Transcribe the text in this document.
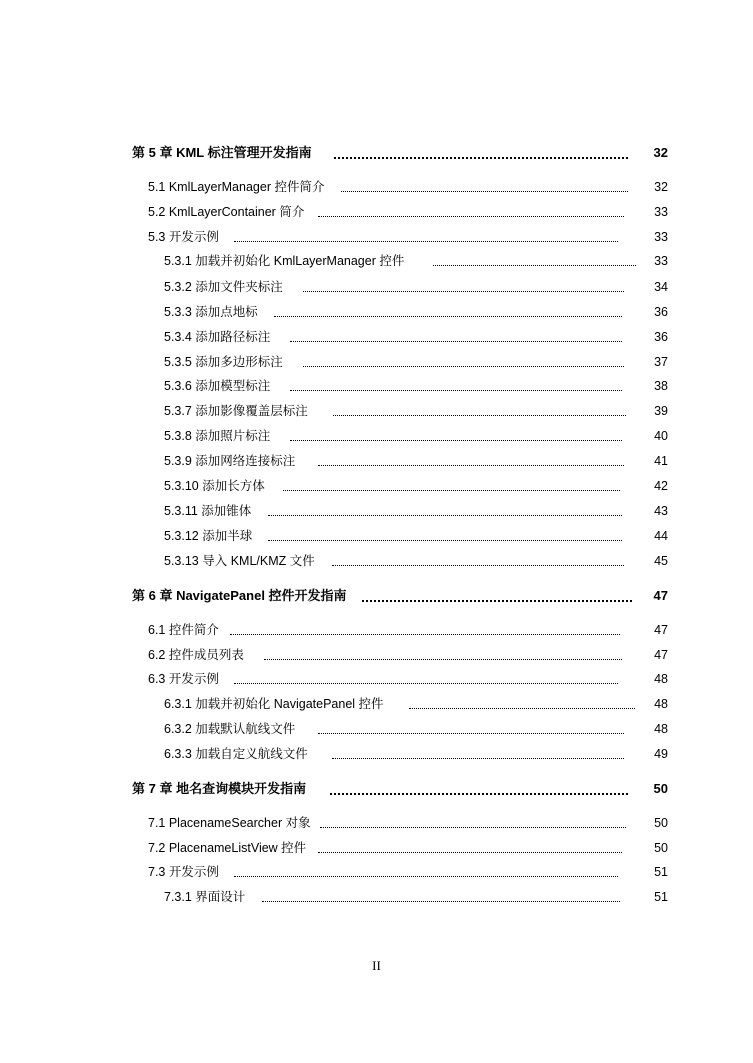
第 5 章 KML 标注管理开发指南	32
5.1 KmlLayerManager 控件简介	32
5.2 KmlLayerContainer 简介	33
5.3 开发示例	33
5.3.1 加载并初始化 KmlLayerManager 控件	33
5.3.2 添加文件夹标注	34
5.3.3 添加点地标	36
5.3.4 添加路径标注	36
5.3.5 添加多边形标注	37
5.3.6 添加模型标注	38
5.3.7 添加影像覆盖层标注	39
5.3.8 添加照片标注	40
5.3.9 添加网络连接标注	41
5.3.10 添加长方体	42
5.3.11 添加锥体	43
5.3.12 添加半球	44
5.3.13 导入 KML/KMZ 文件	45
第 6 章 NavigatePanel 控件开发指南	47
6.1 控件简介	47
6.2 控件成员列表	47
6.3 开发示例	48
6.3.1 加载并初始化 NavigatePanel 控件	48
6.3.2 加载默认航线文件	48
6.3.3 加载自定义航线文件	49
第 7 章 地名查询模块开发指南	50
7.1 PlacenameSearcher 对象	50
7.2 PlacenameListView 控件	50
7.3 开发示例	51
7.3.1 界面设计	51
II
